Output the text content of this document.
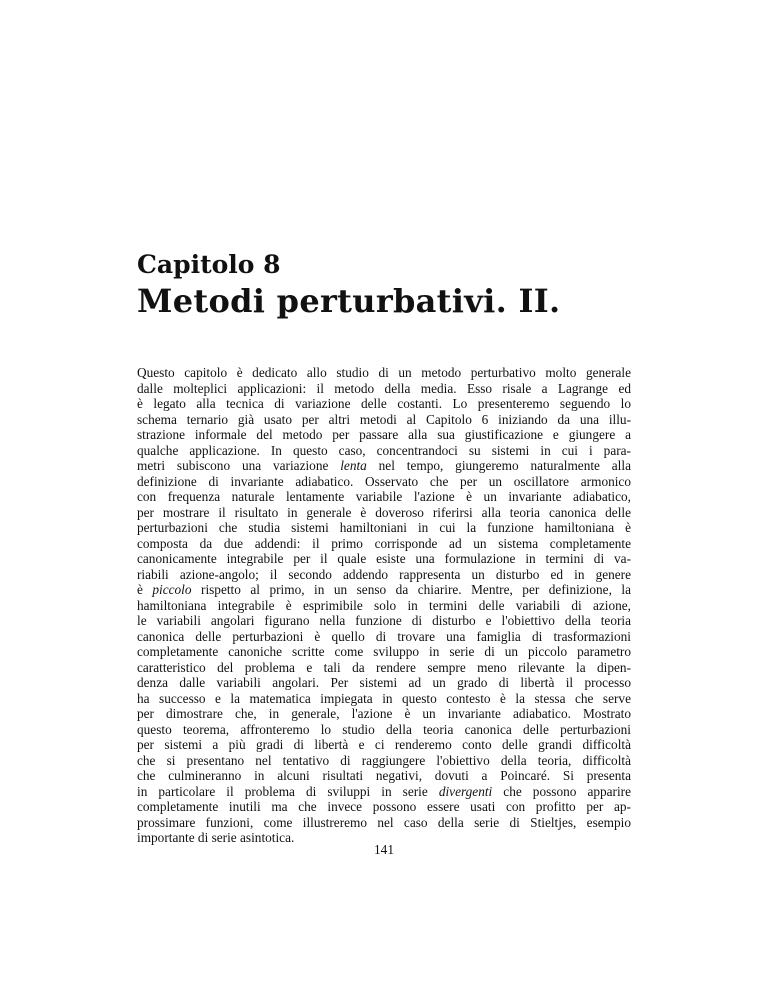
Capitolo 8
Metodi perturbativi. II.
Questo capitolo è dedicato allo studio di un metodo perturbativo molto generale
dalle molteplici applicazioni: il metodo della media. Esso risale a Lagrange ed
è legato alla tecnica di variazione delle costanti. Lo presenteremo seguendo lo
schema ternario già usato per altri metodi al Capitolo 6 iniziando da una illu-
strazione informale del metodo per passare alla sua giustificazione e giungere a
qualche applicazione. In questo caso, concentrandoci su sistemi in cui i para-
metri subiscono una variazione lenta nel tempo, giungeremo naturalmente alla
definizione di invariante adiabatico. Osservato che per un oscillatore armonico
con frequenza naturale lentamente variabile l'azione è un invariante adiabatico,
per mostrare il risultato in generale è doveroso riferirsi alla teoria canonica delle
perturbazioni che studia sistemi hamiltoniani in cui la funzione hamiltoniana è
composta da due addendi: il primo corrisponde ad un sistema completamente
canonicamente integrabile per il quale esiste una formulazione in termini di va-
riabili azione-angolo; il secondo addendo rappresenta un disturbo ed in genere
è piccolo rispetto al primo, in un senso da chiarire. Mentre, per definizione, la
hamiltoniana integrabile è esprimibile solo in termini delle variabili di azione,
le variabili angolari figurano nella funzione di disturbo e l'obiettivo della teoria
canonica delle perturbazioni è quello di trovare una famiglia di trasformazioni
completamente canoniche scritte come sviluppo in serie di un piccolo parametro
caratteristico del problema e tali da rendere sempre meno rilevante la dipen-
denza dalle variabili angolari. Per sistemi ad un grado di libertà il processo
ha successo e la matematica impiegata in questo contesto è la stessa che serve
per dimostrare che, in generale, l'azione è un invariante adiabatico. Mostrato
questo teorema, affronteremo lo studio della teoria canonica delle perturbazioni
per sistemi a più gradi di libertà e ci renderemo conto delle grandi difficoltà
che si presentano nel tentativo di raggiungere l'obiettivo della teoria, difficoltà
che culmineranno in alcuni risultati negativi, dovuti a Poincaré. Si presenta
in particolare il problema di sviluppi in serie divergenti che possono apparire
completamente inutili ma che invece possono essere usati con profitto per ap-
prossimare funzioni, come illustreremo nel caso della serie di Stieltjes, esempio
importante di serie asintotica.
141
